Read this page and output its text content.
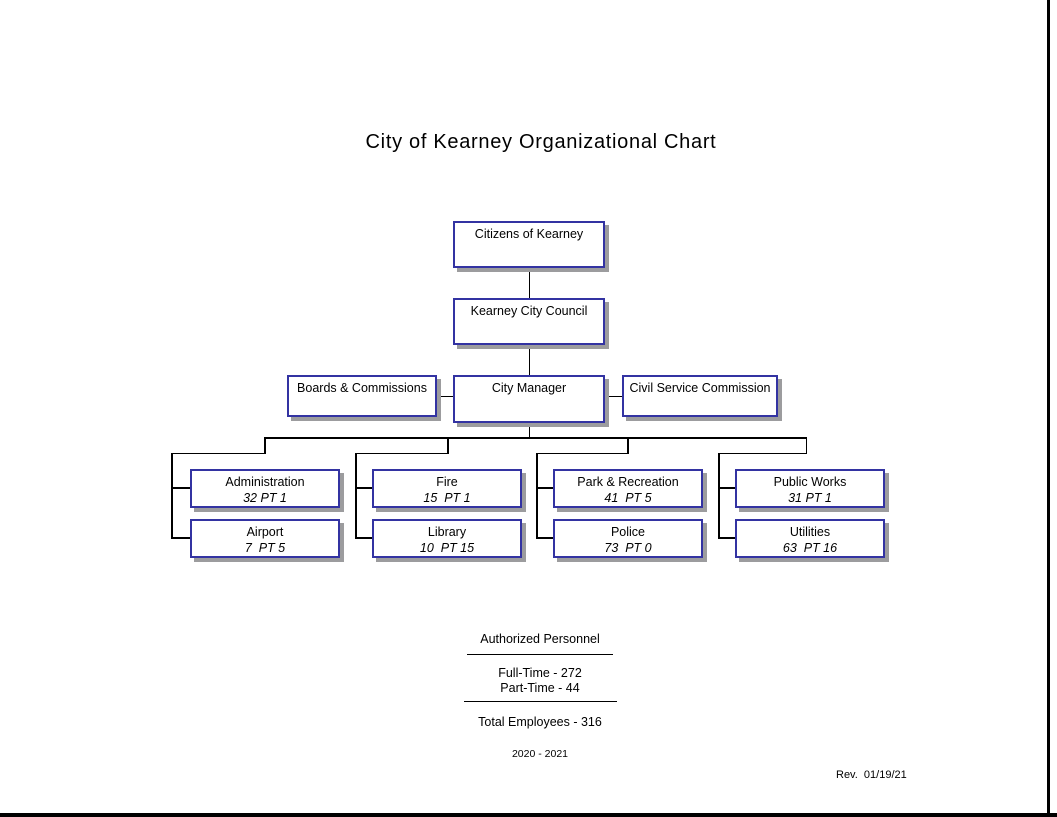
City of Kearney Organizational Chart
Citizens of Kearney
Kearney City Council
Boards & Commissions	City Manager	Civil Service Commission
Administration
32 PT 1
Fire
15  PT 1
Park & Recreation
41  PT 5
Public Works
31 PT 1
Airport
7  PT 5
Library
10  PT 15
Police
73  PT 0
Utilities
63  PT 16
Authorized Personnel
Full-Time - 272
Part-Time - 44
Total Employees - 316
2020 - 2021
Rev.  01/19/21
